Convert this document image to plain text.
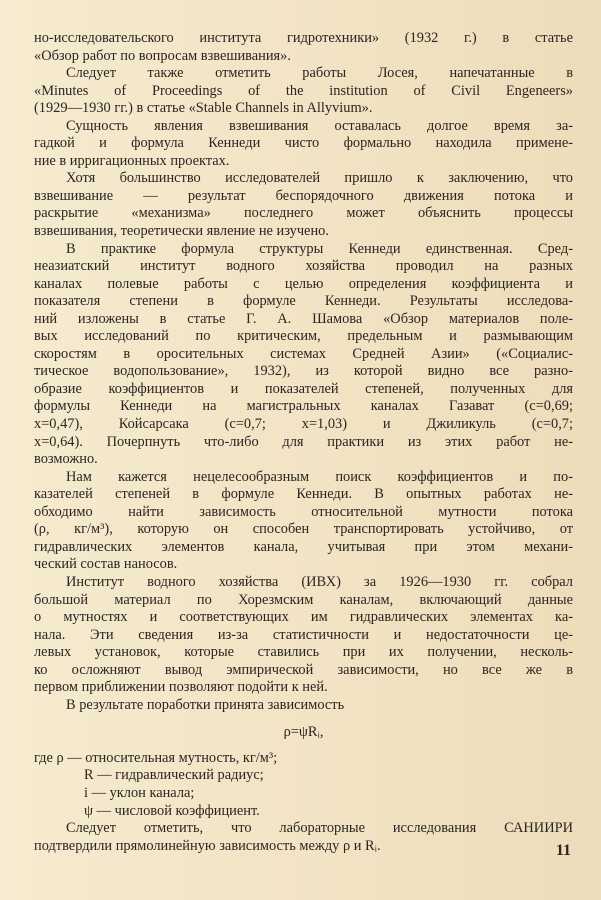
но-исследовательского института гидротехники» (1932 г.) в статье
«Обзор работ по вопросам взвешивания».
Следует также отметить работы Лосея, напечатанные в
«Minutes of Proceedings of the institution of Civil Engeneers»
(1929—1930 гг.) в статье «Stable Channels in Allyvium».
Сущность явления взвешивания оставалась долгое время за-
гадкой и формула Кеннеди чисто формально находила примене-
ние в ирригационных проектах.
Хотя большинство исследователей пришло к заключению, что
взвешивание — результат беспорядочного движения потока и
раскрытие «механизма» последнего может объяснить процессы
взвешивания, теоретически явление не изучено.
В практике формула структуры Кеннеди единственная. Сред-
неазиатский институт водного хозяйства проводил на разных
каналах полевые работы с целью определения коэффициента и
показателя степени в формуле Кеннеди. Результаты исследова-
ний изложены в статье Г. А. Шамова «Обзор материалов поле-
вых исследований по критическим, предельным и размывающим
скоростям в оросительных системах Средней Азии» («Социалис-
тическое водопользование», 1932), из которой видно все разно-
образие коэффициентов и показателей степеней, полученных для
формулы Кеннеди на магистральных каналах Газават (c=0,69;
x=0,47), Койсарсака (c=0,7; x=1,03) и Джиликуль (c=0,7;
x=0,64). Почерпнуть что-либо для практики из этих работ не-
возможно.
Нам кажется нецелесообразным поиск коэффициентов и по-
казателей степеней в формуле Кеннеди. В опытных работах не-
обходимо найти зависимость относительной мутности потока
(ρ, кг/м³), которую он способен транспортировать устойчиво, от
гидравлических элементов канала, учитывая при этом механи-
ческий состав наносов.
Институт водного хозяйства (ИВХ) за 1926—1930 гг. собрал
большой материал по Хорезмским каналам, включающий данные
о мутностях и соответствующих им гидравлических элементах ка-
нала. Эти сведения из-за статистичности и недостаточности це-
левых установок, которые ставились при их получении, несколь-
ко осложняют вывод эмпирической зависимости, но все же в
первом приближении позволяют подойти к ней.
В результате поработки принята зависимость
ρ=ψRᵢ,
где ρ — относительная мутность, кг/м³;
R — гидравлический радиус;
i — уклон канала;
ψ — числовой коэффициент.
Следует отметить, что лабораторные исследования САНИИРИ
подтвердили прямолинейную зависимость между ρ и Rᵢ.	11
